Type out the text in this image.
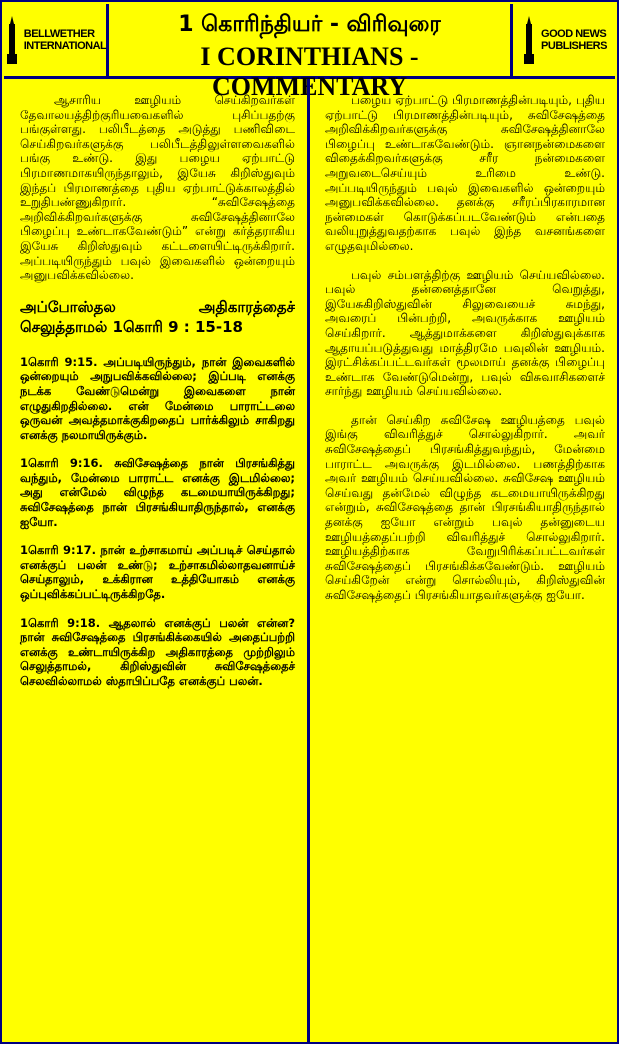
BELLWETHER
INTERNATIONAL
1 கொரிந்தியர் - விரிவுரை
I CORINTHIANS - COMMENTARY
GOOD NEWS
PUBLISHERS

ஆசாரிய ஊழியம் செய்கிறவர்கள் தேவாலயத்திற்குரியவைகளில் புசிப்பதற்கு பங்குள்ளது. பலிபீடத்தை அடுத்து பணிவிடை செய்கிறவர்களுக்கு பலிபீடத்திலுள்ளவைகளில் பங்கு உண்டு. இது பழைய ஏற்பாட்டு பிரமாணமாகயிருந்தாலும், இயேசு கிறிஸ்துவும் இந்தப் பிரமாணத்தை புதிய ஏற்பாட்டுக்காலத்தில் உறுதிபண்ணுகிறார். “சுவிசேஷத்தை அறிவிக்கிறவர்களுக்கு சுவிசேஷத்தினாலே பிழைப்பு உண்டாகவேண்டும்” என்று கர்த்தராகிய இயேசு கிறிஸ்துவும் கட்டளையிட்டிருக்கிறார். அப்படியிருந்தும் பவுல் இவைகளில் ஒன்றையும் அனுபவிக்கவில்லை.

அப்போஸ்தல அதிகாரத்தைச் செலுத்தாமல் 1கொரி 9 : 15-18

1கொரி 9:15. அப்படியிருந்தும், நான் இவைகளில் ஒன்றையும் அநுபவிக்கவில்லை; இப்படி எனக்கு நடக்க வேண்டுமென்று இவைகளை நான் எழுதுகிறதில்லை. என் மேன்மை பாராட்டலை ஒருவன் அவத்தமாக்குகிறதைப் பார்க்கிலும் சாகிறது எனக்கு நலமாயிருக்கும்.

1கொரி 9:16. சுவிசேஷத்தை நான் பிரசங்கித்து வந்தும், மேன்மை பாராட்ட எனக்கு இடமில்லை; அது என்மேல் விழுந்த கடமையாயிருக்கிறது; சுவிசேஷத்தை நான் பிரசங்கியாதிருந்தால், எனக்கு ஐயோ.

1கொரி 9:17. நான் உற்சாகமாய் அப்படிச் செய்தால் எனக்குப் பலன் உண்டு; உற்சாகமில்லாதவனாய்ச் செய்தாலும், உக்கிரான உத்தியோகம் எனக்கு ஒப்புவிக்கப்பட்டிருக்கிறதே.

1கொரி 9:18. ஆதலால் எனக்குப் பலன் என்ன? நான் சுவிசேஷத்தை பிரசங்கிக்கையில் அதைப்பற்றி எனக்கு உண்டாயிருக்கிற அதிகாரத்தை முற்றிலும் செலுத்தாமல், கிறிஸ்துவின் சுவிசேஷத்தைச் செலவில்லாமல் ஸ்தாபிப்பதே எனக்குப் பலன்.

பழைய ஏற்பாட்டு பிரமாணத்தின்படியும், புதிய ஏற்பாட்டு பிரமாணத்தின்படியும், சுவிசேஷத்தை அறிவிக்கிறவர்களுக்கு சுவிசேஷத்தினாலே பிழைப்பு உண்டாகவேண்டும். ஞானநன்மைகளை விதைக்கிறவர்களுக்கு சரீர நன்மைகளை அறுவடைசெய்யும் உரிமை உண்டு. அப்படியிருந்தும் பவுல் இவைகளில் ஒன்றையும் அனுபவிக்கவில்லை. தனக்கு சரீரப்பிரகாரமான நன்மைகள் கொடுக்கப்படவேண்டும் என்பதை வலியுறுத்துவதற்காக பவுல் இந்த வசனங்களை எழுதவுமில்லை.

பவுல் சம்பளத்திற்கு ஊழியம் செய்யவில்லை. பவுல் தன்னைத்தானே வெறுத்து, இயேசுகிறிஸ்துவின் சிலுவையைச் சுமந்து, அவரைப் பின்பற்றி, அவருக்காக ஊழியம் செய்கிறார். ஆத்துமாக்களை கிறிஸ்துவுக்காக ஆதாயப்படுத்துவது மாத்திரமே பவுலின் ஊழியம். இரட்சிக்கப்பட்டவர்கள் மூலமாய் தனக்கு பிழைப்பு உண்டாக வேண்டுமென்று, பவுல் விசுவாசிகளைச் சார்ந்து ஊழியம் செய்யவில்லை.

தான் செய்கிற சுவிசேஷ ஊழியத்தை பவுல் இங்கு விவரித்துச் சொல்லுகிறார். அவர் சுவிசேஷத்தைப் பிரசங்கித்துவந்தும், மேன்மை பாராட்ட அவருக்கு இடமில்லை. பணத்திற்காக அவர் ஊழியம் செய்யவில்லை. சுவிசேஷ ஊழியம் செய்வது தன்மேல் விழுந்த கடமையாயிருக்கிறது என்றும், சுவிசேஷத்தை தான் பிரசங்கியாதிருந்தால் தனக்கு ஐயோ என்றும் பவுல் தன்னுடைய ஊழியத்தைப்பற்றி விவரித்துச் சொல்லுகிறார். ஊழியத்திற்காக வேறுபிரிக்கப்பட்டவர்கள் சுவிசேஷத்தைப் பிரசங்கிக்கவேண்டும். ஊழியம் செய்கிறேன் என்று சொல்லியும், கிறிஸ்துவின் சுவிசேஷத்தைப் பிரசங்கியாதவர்களுக்கு ஐயோ.
